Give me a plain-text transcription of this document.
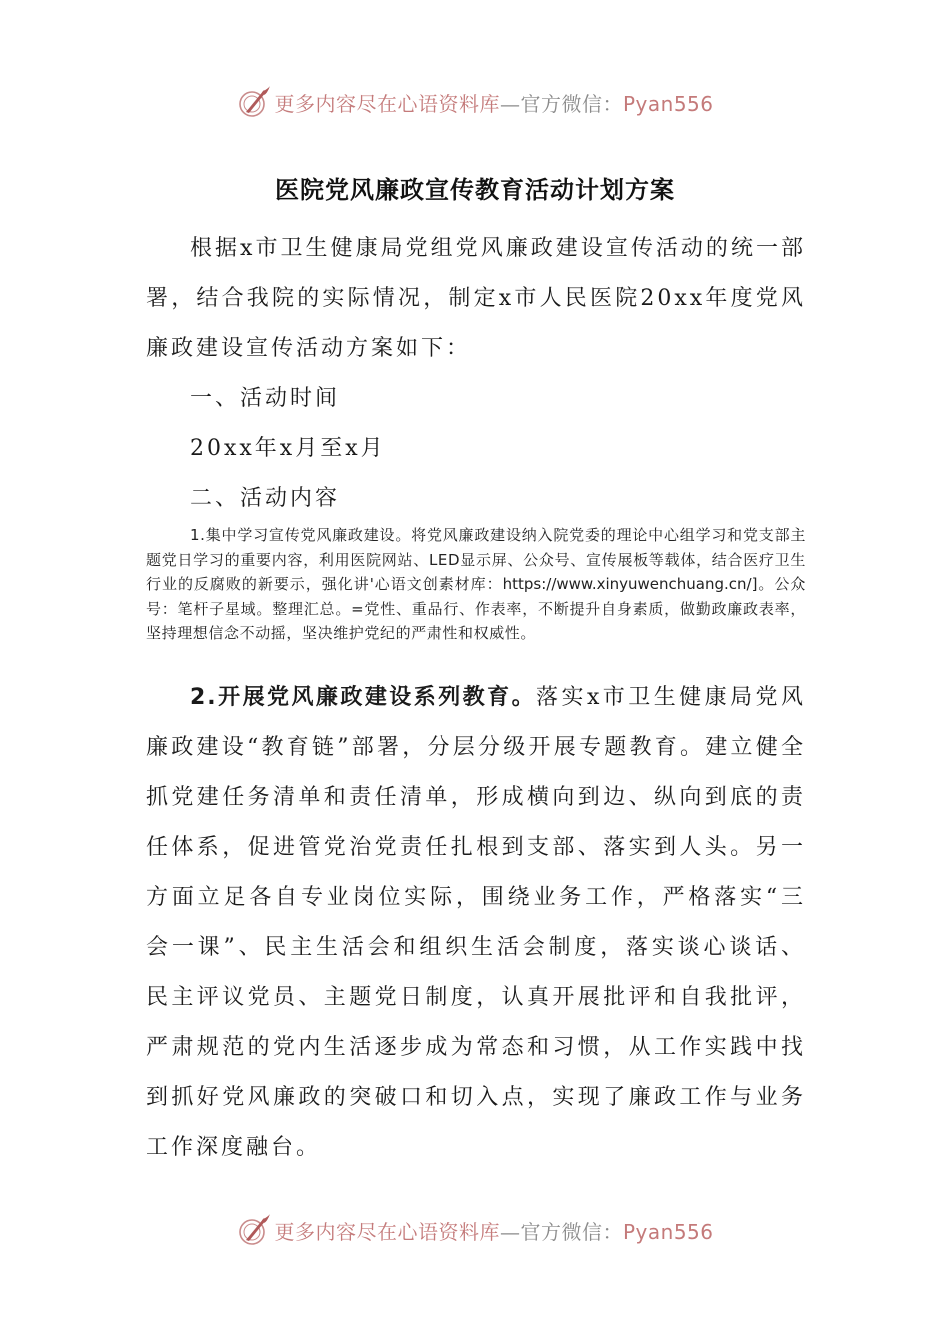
更多内容尽在心语资料库—官方微信：Pyan556
医院党风廉政宣传教育活动计划方案

根据x市卫生健康局党组党风廉政建设宣传活动的统一部署，结合我院的实际情况，制定x市人民医院20xx年度党风廉政建设宣传活动方案如下：

一、活动时间

20xx年x月至x月

二、活动内容

1.集中学习宣传党风廉政建设。将党风廉政建设纳入院党委的理论中心组学习和党支部主题党日学习的重要内容，利用医院网站、LED显示屏、公众号、宣传展板等载体，结合医疗卫生行业的反腐败的新要示，强化讲'心语文创素材库：https://www.xinyuwenchuang.cn/]。公众号：笔杆子星域。整理汇总。=党性、重品行、作表率，不断提升自身素质，做勤政廉政表率，坚持理想信念不动摇，坚决维护党纪的严肃性和权威性。

2.开展党风廉政建设系列教育。落实x市卫生健康局党风廉政建设“教育链”部署，分层分级开展专题教育。建立健全抓党建任务清单和责任清单，形成横向到边、纵向到底的责任体系，促进管党治党责任扎根到支部、落实到人头。另一方面立足各自专业岗位实际，围绕业务工作，严格落实“三会一课”、民主生活会和组织生活会制度，落实谈心谈话、民主评议党员、主题党日制度，认真开展批评和自我批评，严肃规范的党内生活逐步成为常态和习惯，从工作实践中找到抓好党风廉政的突破口和切入点，实现了廉政工作与业务工作深度融台。

更多内容尽在心语资料库—官方微信：Pyan556
